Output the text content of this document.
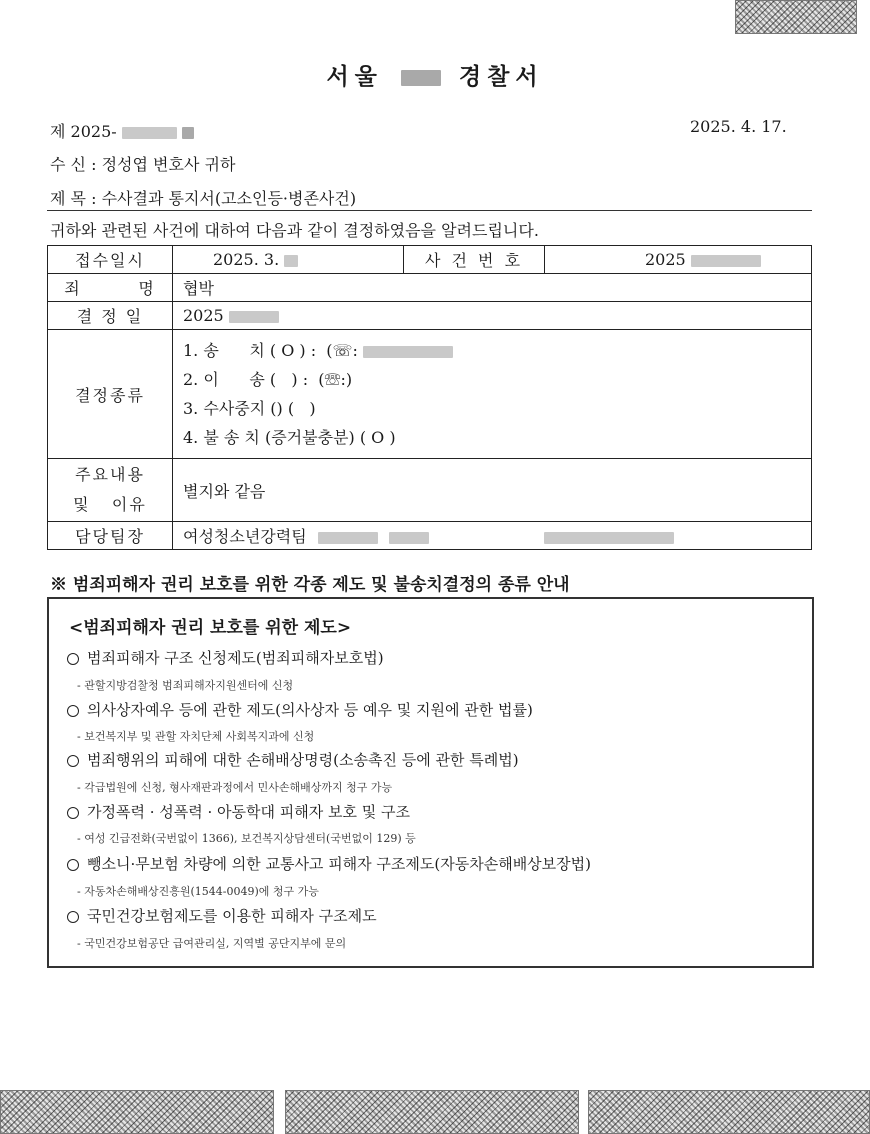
서울	경찰서
제 2025-	2025. 4. 17.
수 신 : 정성엽 변호사 귀하
제 목 : 수사결과 통지서(고소인등·병존사건)
귀하와 관련된 사건에 대하여 다음과 같이 결정하였음을 알려드립니다.
접수일시	2025. 3.	사 건 번 호	2025
죄        명	협박		
결 정 일	2025		
결정종류	1. 송      치 ( O ) :  (☏:
2. 이      송 (   ) :  (☏:)
3. 수사중지 () (   )
4. 불 송 치 (증거불충분) ( O )		

주요내용
및   이유	별지와 같음		
담당팀장	여성청소년강력팀		
※ 범죄피해자 권리 보호를 위한 각종 제도 및 불송치결정의 종류 안내
<범죄피해자 권리 보호를 위한 제도>
범죄피해자 구조 신청제도(범죄피해자보호법)
- 관할지방검찰청 범죄피해자지원센터에 신청
의사상자예우 등에 관한 제도(의사상자 등 예우 및 지원에 관한 법률)
- 보건복지부 및 관할 자치단체 사회복지과에 신청
범죄행위의 피해에 대한 손해배상명령(소송촉진 등에 관한 특례법)
- 각급법원에 신청, 형사재판과정에서 민사손해배상까지 청구 가능
가정폭력 · 성폭력 · 아동학대 피해자 보호 및 구조
- 여성 긴급전화(국번없이 1366), 보건복지상담센터(국번없이 129) 등
뺑소니·무보험 차량에 의한 교통사고 피해자 구조제도(자동차손해배상보장법)
- 자동차손해배상진흥원(1544-0049)에 청구 가능
국민건강보험제도를 이용한 피해자 구조제도
- 국민건강보험공단 급여관리실, 지역별 공단지부에 문의
